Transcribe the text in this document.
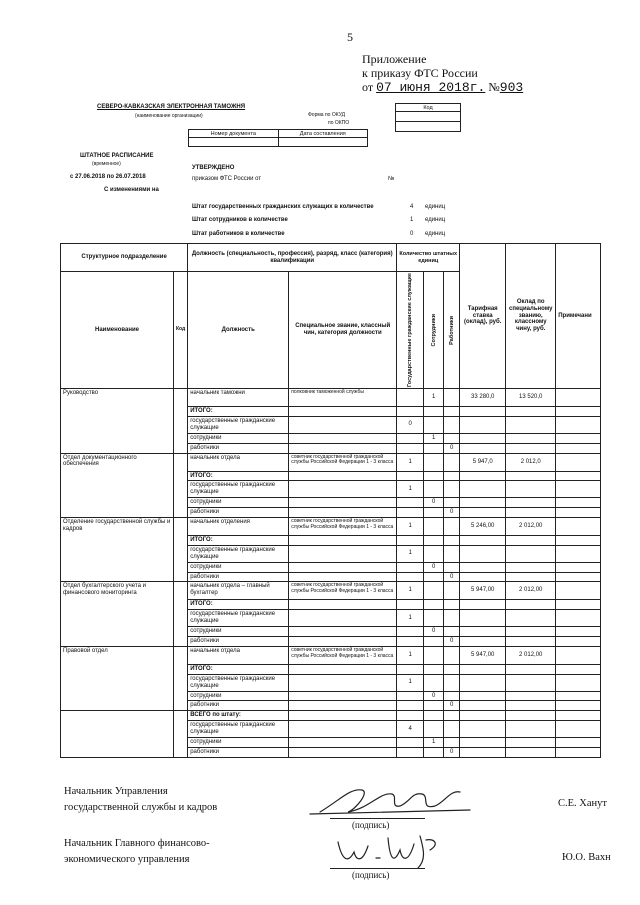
5
Приложение
к приказу ФТС России
от 07 июня 2018г. №903
СЕВЕРО-КАВКАЗСКАЯ ЭЛЕКТРОННАЯ ТАМОЖНЯ
(наименование организации)	Форма по ОКУД
по ОКПО
Код

Номер документа	Дата составления

ШТАТНОЕ РАСПИСАНИЕ
(временное)
с 27.06.2018 по 26.07.2018
С изменениями на
УТВЕРЖДЕНО
приказом ФТС России от	№
Штат государственных гражданских служащих в количестве	4 единиц
Штат сотрудников в количестве	1 единиц
Штат работников в количестве	0 единиц
Структурное подразделение		Должность (специальность, профессия), разряд, класс (категория) квалификации		Количество штатных единиц			Тарифная ставка (оклад), руб.	Оклад по специальному званию, классному чину, руб.	Примечани
Наименование	Код	Должность	Специальное звание, классный чин, категория должности	Государственные гражданские служащие	Сотрудники	Работники			

Руководство		начальник таможни	полковник таможенной службы		1		33 280,0	13 520,0	
		ИТОГО:							
		государственные гражданские служащие		0					
		сотрудники			1				
		работники				0			
Отдел документационного обеспечения		начальник отдела	советник государственной гражданской службы Российской Федерации 1 - 3 класса	1			5 947,0	2 012,0	
		ИТОГО:							
		государственные гражданские служащие		1					
		сотрудники			0				
		работники				0			
Отделение государственной службы и кадров		начальник отделения	советник государственной гражданской службы Российской Федерации 1 - 3 класса	1			5 246,00	2 012,00	
		ИТОГО:							
		государственные гражданские служащие		1					
		сотрудники			0				
		работники				0			
Отдел бухгалтерского учета и финансового мониторинга		начальник отдела – главный бухгалтер	советник государственной гражданской службы Российской Федерации 1 - 3 класса	1			5 947,00	2 012,00	
		ИТОГО:							
		государственные гражданские служащие		1					
		сотрудники			0				
		работники				0			
Правовой отдел		начальник отдела	советник государственной гражданской службы Российской Федерации 1 - 3 класса	1			5 947,00	2 012,00	
		ИТОГО:							
		государственные гражданские служащие		1					
		сотрудники			0				
		работники				0			
		ВСЕГО по штату:							
		государственные гражданские служащие		4					
		сотрудники			1				
		работники				0			
Начальник Управления
государственной службы и кадров
(подпись)
С.Е. Ханут
Начальник Главного финансово-
экономического управления
(подпись)
Ю.О. Вахн
